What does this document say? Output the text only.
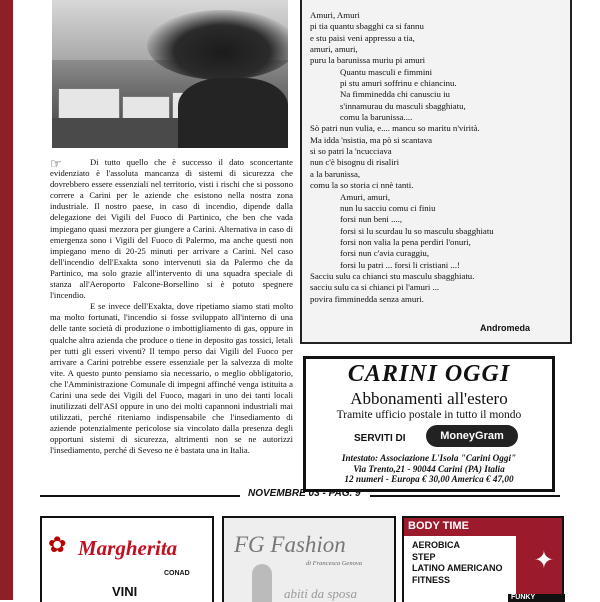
☞	Di tutto quello che è successo il dato sconcertante evidenziato è l'assoluta mancanza di sistemi di sicurezza che dovrebbero essere essenziali nel territorio, visti i rischi che si possono correre a Carini per le aziende che esistono nella nostra zona industriale. Il nostro paese, in caso di incendio, dipende dalla delegazione dei Vigili del Fuoco di Partinico, che ben che vada impiegano quasi mezzora per giungere a Carini. Alternativa in caso di emergenza sono i Vigili del Fuoco di Palermo, ma anche questi non impiegano meno di 20-25 minuti per arrivare a Carini. Nel caso dell'incendio dell'Exakta sono intervenuti sia da Palermo che da Partinico, ma solo grazie all'intervento di una squadra speciale di stanza all'Aeroporto Falcone-Borsellino si è potuto spegnere l'incendio.

E se invece dell'Exakta, dove ripetiamo siamo stati molto ma molto fortunati, l'incendio si fosse sviluppato all'interno di una delle tante società di produzione o imbottigliamento di gas, oppure in qualche altra azienda che produce o tiene in deposito gas tossici, letali per tutti gli esseri viventi? Il tempo perso dai Vigili del Fuoco per arrivare a Carini potrebbe essere essenziale per la salvezza di molte vite. A questo punto pensiamo sia necessario, o meglio obbligatorio, che l'Amministrazione Comunale di impegni affinché venga istituita a Carini una sede dei Vigili del Fuoco, magari in uno dei tanti locali inutilizzati dell'ASI oppure in uno dei molti capannoni industriali mai utilizzati, perché riteniamo indispensabile che l'insediamento di aziende potenzialmente pericolose sia vincolato dalla presenza degli opportuni sistemi di sicurezza, altrimenti non se ne autorizzi l'insediamento, perché di Seveso ne è bastata una in Italia.

Amuri, Amuri
pi tia quantu sbagghi ca si fannu
e stu paisi veni appressu a tia,
amuri, amuri,
puru la barunissa muriu pi amuri
Quantu masculi e fimmini
pi stu amuri soffrinu e chiancinu.
Na fimminedda chi canusciu iu
s'innamurau du masculi sbagghiatu,
comu la barunissa....
Sò patri nun vulia, e.... mancu so maritu n'virità.
Ma idda 'nsistia, ma pò si scantava
si so patri la 'ncucciava
nun c'è bisognu di risaliri
a la barunissa,
comu la so storia ci nnè tanti.
Amuri, amuri,
nun lu sacciu comu ci finiu
forsi nun beni ....,
forsi si lu scurdau lu so masculu sbagghiatu
forsi non valia la pena perdiri l'onuri,
forsi nun c'avia curaggiu,
forsi lu patri ... forsi li cristiani ...!
Sacciu sulu ca chianci stu masculu sbagghiatu.
sacciu sulu ca si chianci pi l'amuri ...
povira fimminedda senza amuri.
Andromeda
CARINI OGGI
Abbonamenti all'estero
Tramite ufficio postale in tutto il mondo
SERVITI DI	MoneyGram
Intestato: Associazione L'Isola "Carini Oggi"
Via Trento,21 - 90044 Carini (PA) Italia
12 numeri - Europa € 30,00 America € 47,00
NOVEMBRE 03 - PAG. 9
✿ Margherita
CONAD
VINI
FG Fashion
di Francesca Genova
abiti da sposa
BODY TIME
✦
AEROBICA
STEP
LATINO AMERICANO
FITNESS
FUNKY
